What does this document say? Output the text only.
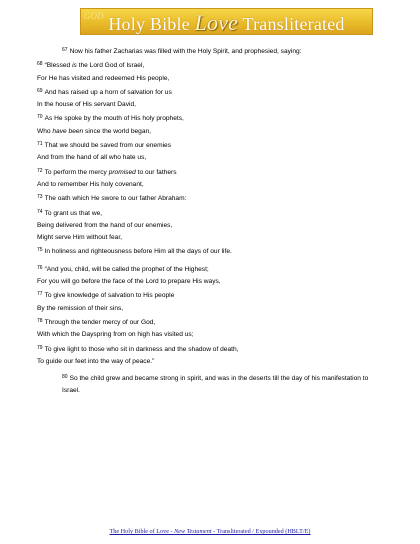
GOD Holy Bible Love Transliterated
$^{67}$ Now his father Zacharias was filled with the Holy Spirit, and prophesied, saying:
$^{68}$ “Blessed is the Lord God of Israel,
For He has visited and redeemed His people,
$^{69}$ And has raised up a horn of salvation for us
In the house of His servant David,
$^{70}$ As He spoke by the mouth of His holy prophets,
Who have been since the world began,
$^{71}$ That we should be saved from our enemies
And from the hand of all who hate us,
$^{72}$ To perform the mercy promised to our fathers
And to remember His holy covenant,
$^{73}$ The oath which He swore to our father Abraham:
$^{74}$ To grant us that we,
Being delivered from the hand of our enemies,
Might serve Him without fear,
$^{75}$ In holiness and righteousness before Him all the days of our life.
$^{76}$ “And you, child, will be called the prophet of the Highest;
For you will go before the face of the Lord to prepare His ways,
$^{77}$ To give knowledge of salvation to His people
By the remission of their sins,
$^{78}$ Through the tender mercy of our God,
With which the Dayspring from on high has visited us;
$^{79}$ To give light to those who sit in darkness and the shadow of death,
To guide our feet into the way of peace.”
$^{80}$ So the child grew and became strong in spirit, and was in the deserts till the day of his manifestation to Israel.
The Holy Bible of Love - New Testament - Transliterated / Expounded (HBLT/E)
